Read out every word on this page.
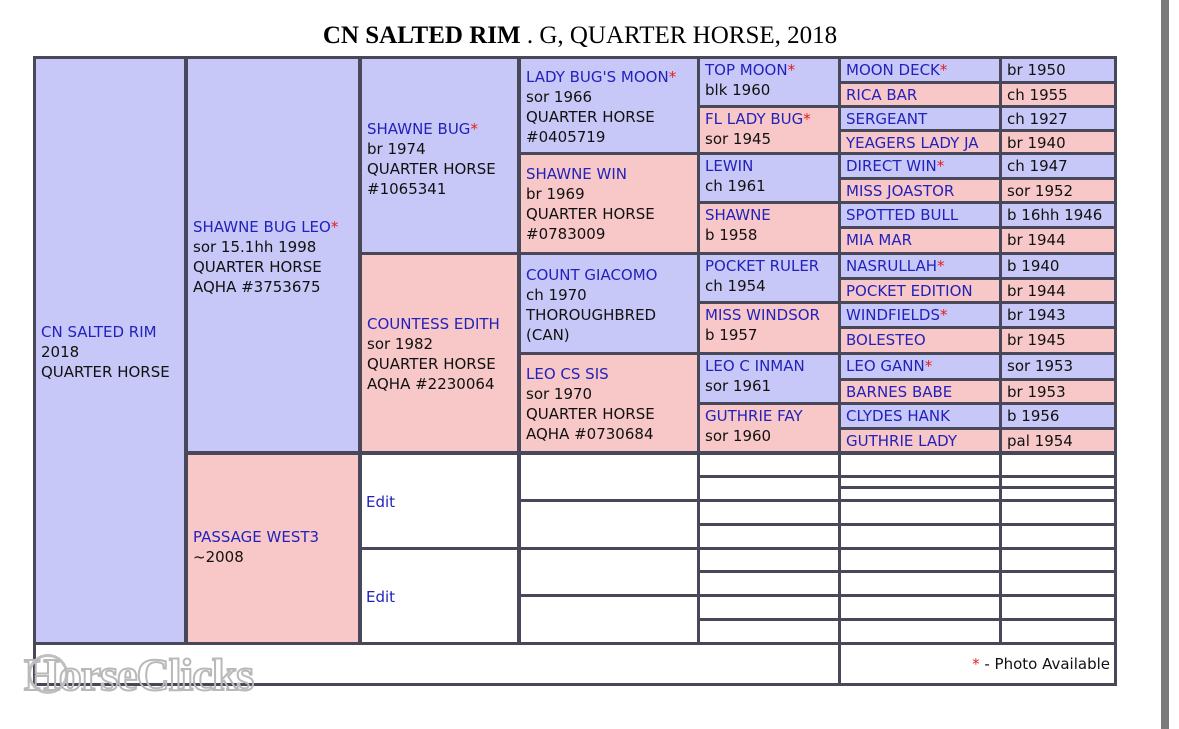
CN SALTED RIM . G, QUARTER HORSE, 2018
CN SALTED RIM
2018
QUARTER HORSE
SHAWNE BUG LEO*
sor 15.1hh 1998
QUARTER HORSE
AQHA #3753675
PASSAGE WEST3
~2008
SHAWNE BUG*
br 1974
QUARTER HORSE
#1065341
COUNTESS EDITH
sor 1982
QUARTER HORSE
AQHA #2230064
Edit
Edit
LADY BUG'S MOON*
sor 1966
QUARTER HORSE
#0405719
SHAWNE WIN
br 1969
QUARTER HORSE
#0783009
COUNT GIACOMO
ch 1970
THOROUGHBRED
(CAN)
LEO CS SIS
sor 1970
QUARTER HORSE
AQHA #0730684
TOP MOON*
blk 1960
FL LADY BUG*
sor 1945
LEWIN
ch 1961
SHAWNE
b 1958
POCKET RULER
ch 1954
MISS WINDSOR
b 1957
LEO C INMAN
sor 1961
GUTHRIE FAY
sor 1960
MOON DECK*
RICA BAR
SERGEANT
YEAGERS LADY JA
DIRECT WIN*
MISS JOASTOR
SPOTTED BULL
MIA MAR
NASRULLAH*
POCKET EDITION
WINDFIELDS*
BOLESTEO
LEO GANN*
BARNES BABE
CLYDES HANK
GUTHRIE LADY
br 1950
ch 1955
ch 1927
br 1940
ch 1947
sor 1952
b 16hh 1946
br 1944
b 1940
br 1944
br 1943
br 1945
sor 1953
br 1953
b 1956
pal 1954
* - Photo Available
HorseClicks
